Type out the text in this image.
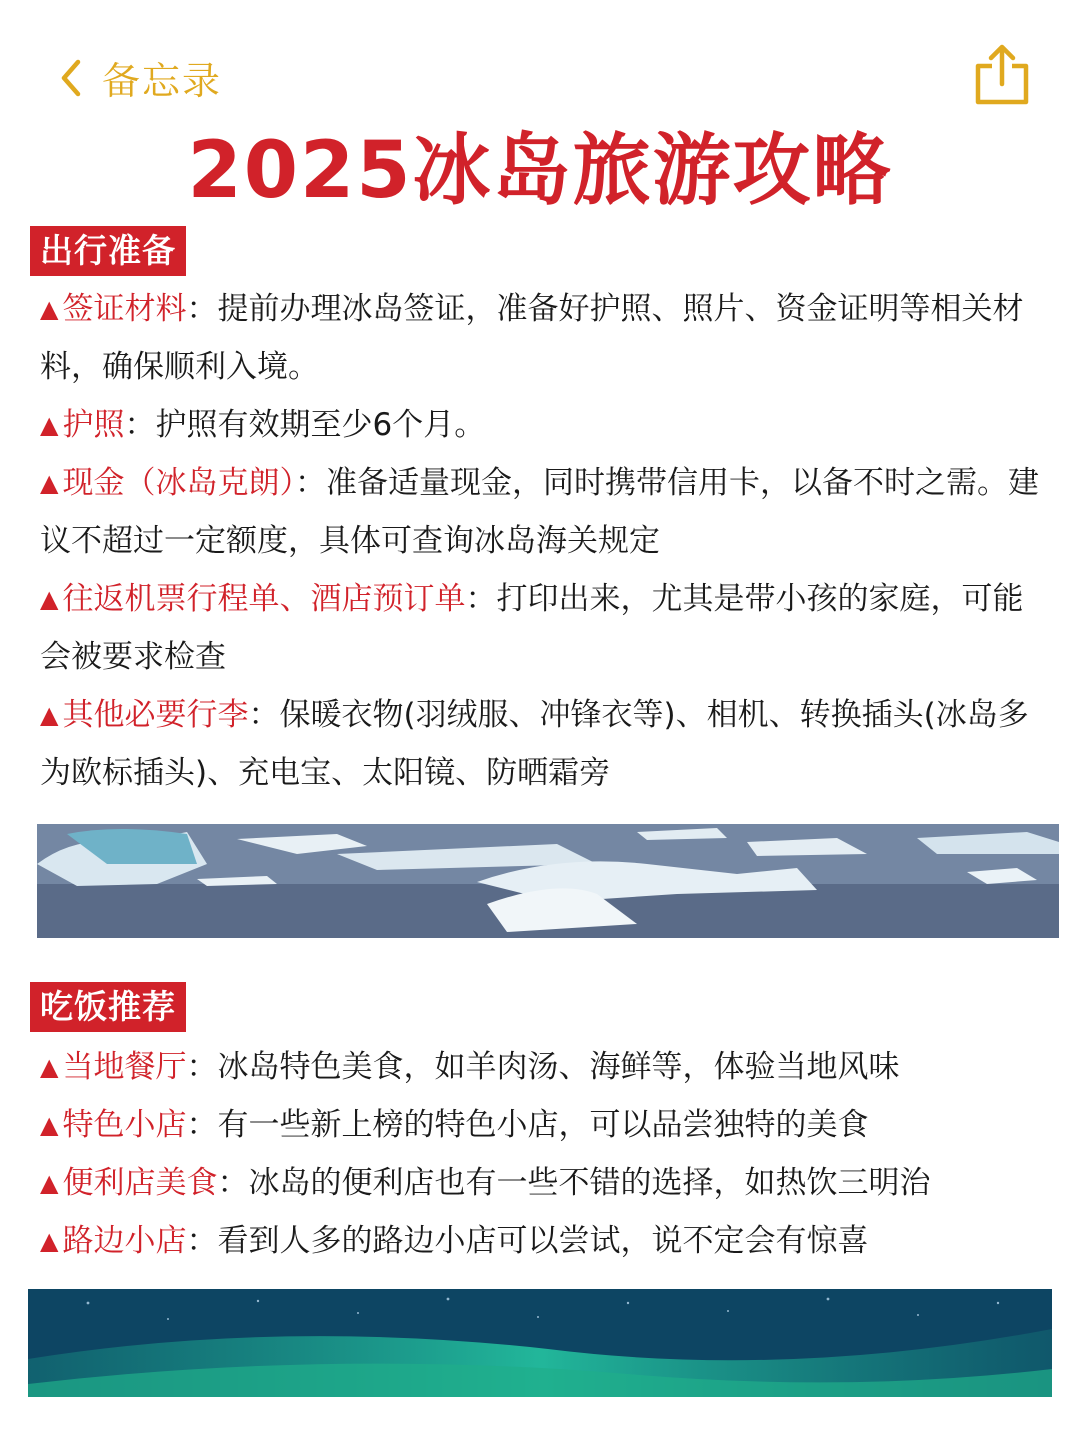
备忘录
2025冰岛旅游攻略
出行准备
▲ 签证材料：提前办理冰岛签证，准备好护照、照片、资金证明等相关材料，确保顺利入境。
▲ 护照：护照有效期至少6个月。
▲ 现金（冰岛克朗）：准备适量现金，同时携带信用卡，以备不时之需。建议不超过一定额度，具体可查询冰岛海关规定
▲ 往返机票行程单、酒店预订单：打印出来，尤其是带小孩的家庭，可能会被要求检查
▲ 其他必要行李：保暖衣物(羽绒服、冲锋衣等)、相机、转换插头(冰岛多为欧标插头)、充电宝、太阳镜、防晒霜旁
吃饭推荐
▲ 当地餐厅：冰岛特色美食，如羊肉汤、海鲜等，体验当地风味
▲ 特色小店：有一些新上榜的特色小店，可以品尝独特的美食
▲ 便利店美食：冰岛的便利店也有一些不错的选择，如热饮三明治
▲ 路边小店：看到人多的路边小店可以尝试，说不定会有惊喜
